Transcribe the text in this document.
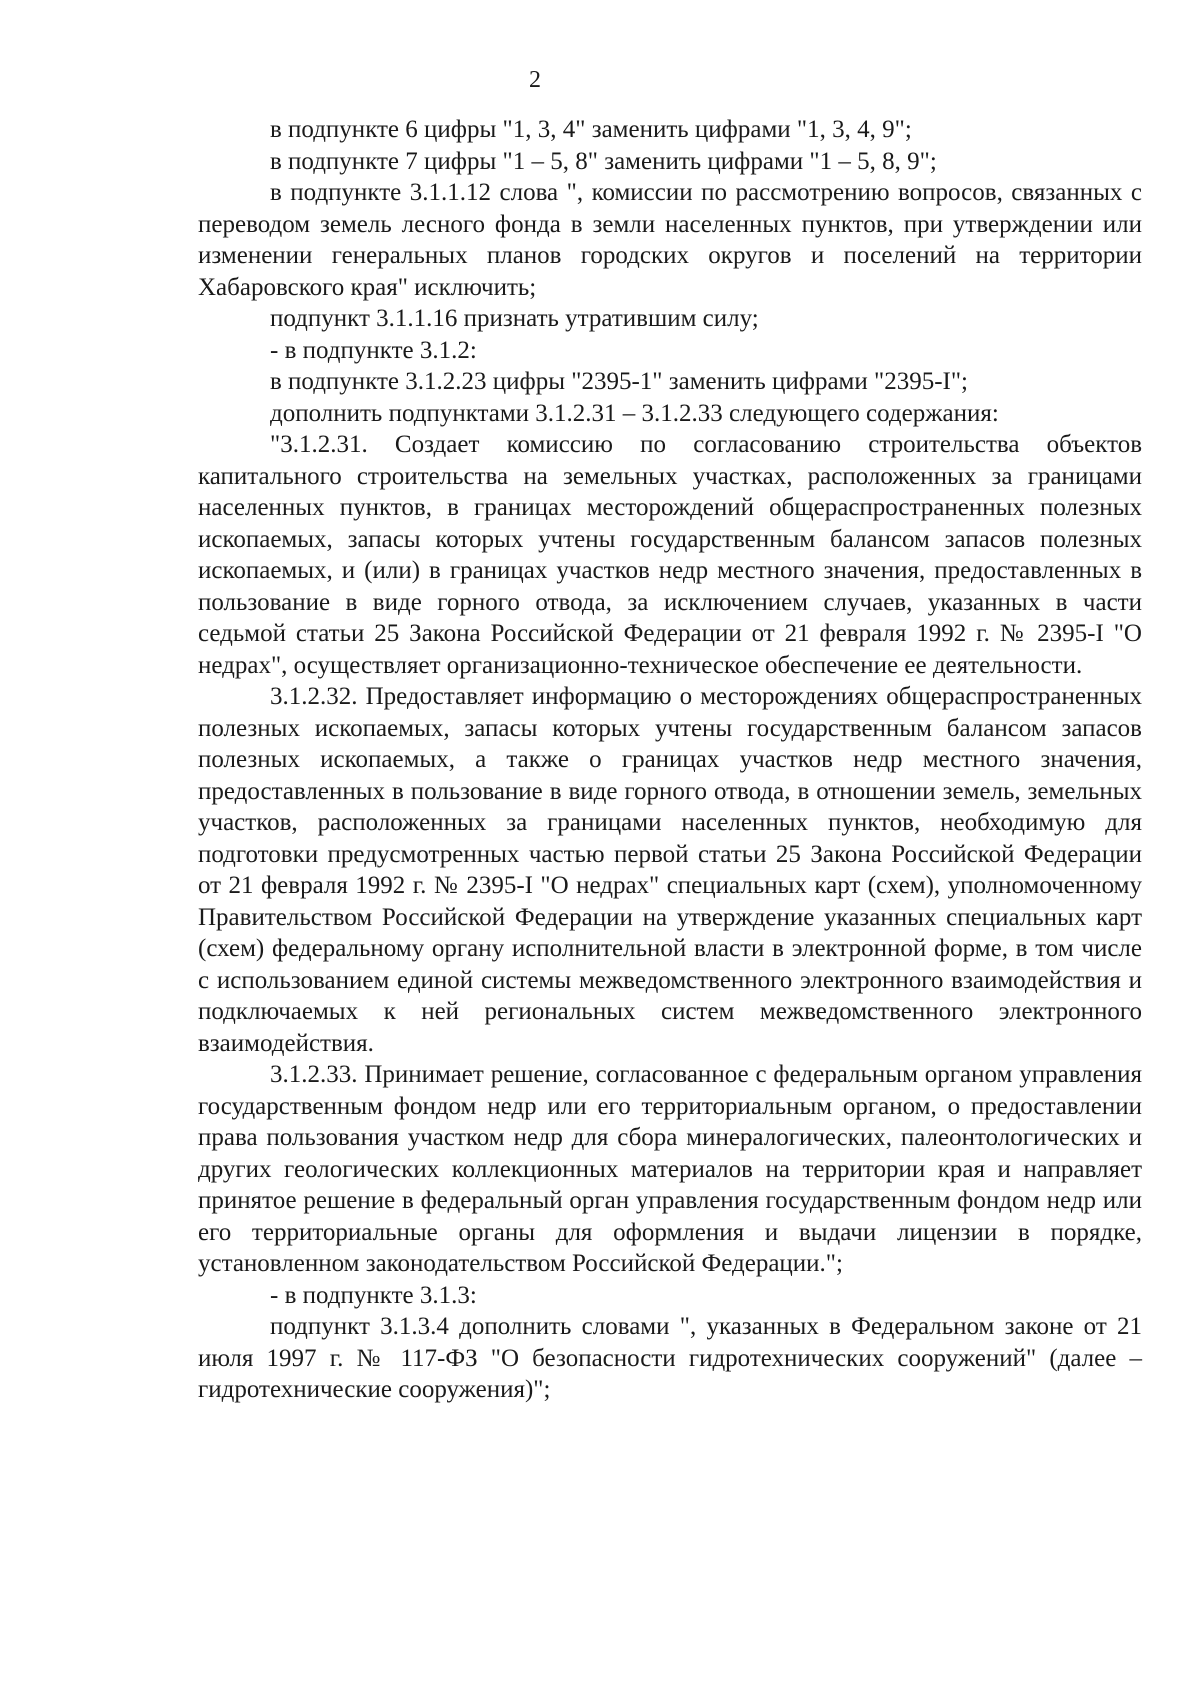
2

в подпункте 6 цифры "1, 3, 4" заменить цифрами "1, 3, 4, 9";

в подпункте 7 цифры "1 – 5, 8" заменить цифрами "1 – 5, 8, 9";

в подпункте 3.1.1.12 слова ", комиссии по рассмотрению вопросов, связанных с переводом земель лесного фонда в земли населенных пунктов, при утверждении или изменении генеральных планов городских округов и поселений на территории Хабаровского края" исключить;

подпункт 3.1.1.16 признать утратившим силу;

- в подпункте 3.1.2:

в подпункте 3.1.2.23 цифры "2395-1" заменить цифрами "2395-I";

дополнить подпунктами 3.1.2.31 – 3.1.2.33 следующего содержания:

"3.1.2.31. Создает комиссию по согласованию строительства объектов капитального строительства на земельных участках, расположенных за границами населенных пунктов, в границах месторождений общераспространенных полезных ископаемых, запасы которых учтены государственным балансом запасов полезных ископаемых, и (или) в границах участков недр местного значения, предоставленных в пользование в виде горного отвода, за исключением случаев, указанных в части седьмой статьи 25 Закона Российской Федерации от 21 февраля 1992 г. № 2395-I "О недрах", осуществляет организационно-техническое обеспечение ее деятельности.

3.1.2.32. Предоставляет информацию о месторождениях общераспространенных полезных ископаемых, запасы которых учтены государственным балансом запасов полезных ископаемых, а также о границах участков недр местного значения, предоставленных в пользование в виде горного отвода, в отношении земель, земельных участков, расположенных за границами населенных пунктов, необходимую для подготовки предусмотренных частью первой статьи 25 Закона Российской Федерации от 21 февраля 1992 г. № 2395-I "О недрах" специальных карт (схем), уполномоченному Правительством Российской Федерации на утверждение указанных специальных карт (схем) федеральному органу исполнительной власти в электронной форме, в том числе с использованием единой системы межведомственного электронного взаимодействия и подключаемых к ней региональных систем межведомственного электронного взаимодействия.

3.1.2.33. Принимает решение, согласованное с федеральным органом управления государственным фондом недр или его территориальным органом, о предоставлении права пользования участком недр для сбора минералогических, палеонтологических и других геологических коллекционных материалов на территории края и направляет принятое решение в федеральный орган управления государственным фондом недр или его территориальные органы для оформления и выдачи лицензии в порядке, установленном законодательством Российской Федерации.";

- в подпункте 3.1.3:

подпункт 3.1.3.4 дополнить словами ", указанных в Федеральном законе от 21 июля 1997 г. № 117-ФЗ "О безопасности гидротехнических сооружений" (далее – гидротехнические сооружения)";
